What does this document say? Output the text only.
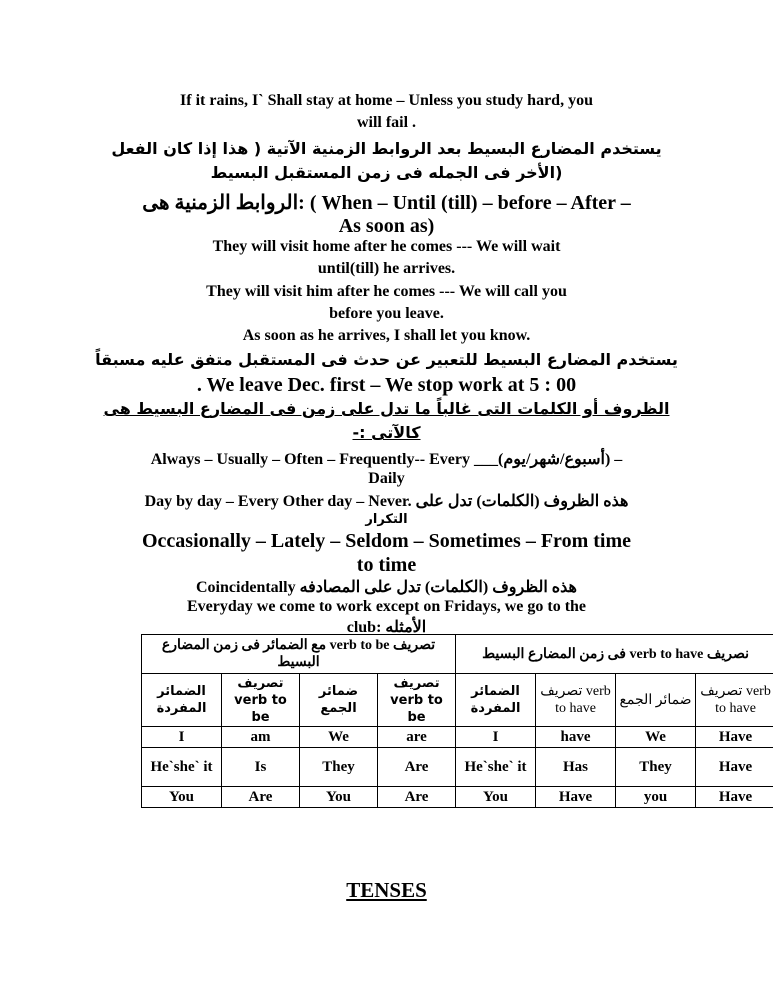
If it rains, I` Shall stay at home – Unless you study hard, you
will fail .
يستخدم المضارع البسيط بعد الروابط الزمنية الآتية ( هذا إذا كان الفعل
(الأخر فى الجمله فى زمن المستقبل البسيط
الروابط الزمنية هى: ( When – Until (till) – before – After –
As soon as)
They will visit home after he comes --- We will wait
until(till) he arrives.
They will visit him after he comes --- We will call you
before you leave.
As soon as he arrives, I shall let you know.
يستخدم المضارع البسيط للتعبير عن حدث فى المستقبل متفق عليه مسبقاً
. We leave Dec. first – We stop work at 5 : 00
الظروف أو الكلمات التى غالباً ما تدل على زمن فى المضارع البسيط هى
كالآتى :-
Always – Usually – Often – Frequently-- Every ___(أسبوع/شهر/يوم) –
Daily
Day by day – Every Other day – Never. هذه الظروف (الكلمات) تدل على
التكرار
Occasionally – Lately – Seldom – Sometimes – From time
to time
Coincidentally هذه الظروف (الكلمات) تدل على المصادفه
Everyday we come to work except on Fridays, we go to the
club: الأمثله
تصريف verb to be مع الضمائر فى زمن المضارع البسيط				نصريف verb to have فى زمن المضارع البسيط			
الضمائر المفردة	تصريف verb to be	ضمائر الجمع	تصريف verb to be	الضمائر المفردة	تصريف verb to have	ضمائر الجمع	تصريف verb to have
I	am	We	are	I	have	We	Have
He`she` it	Is	They	Are	He`she` it	Has	They	Have
You	Are	You	Are	You	Have	you	Have
TENSES
